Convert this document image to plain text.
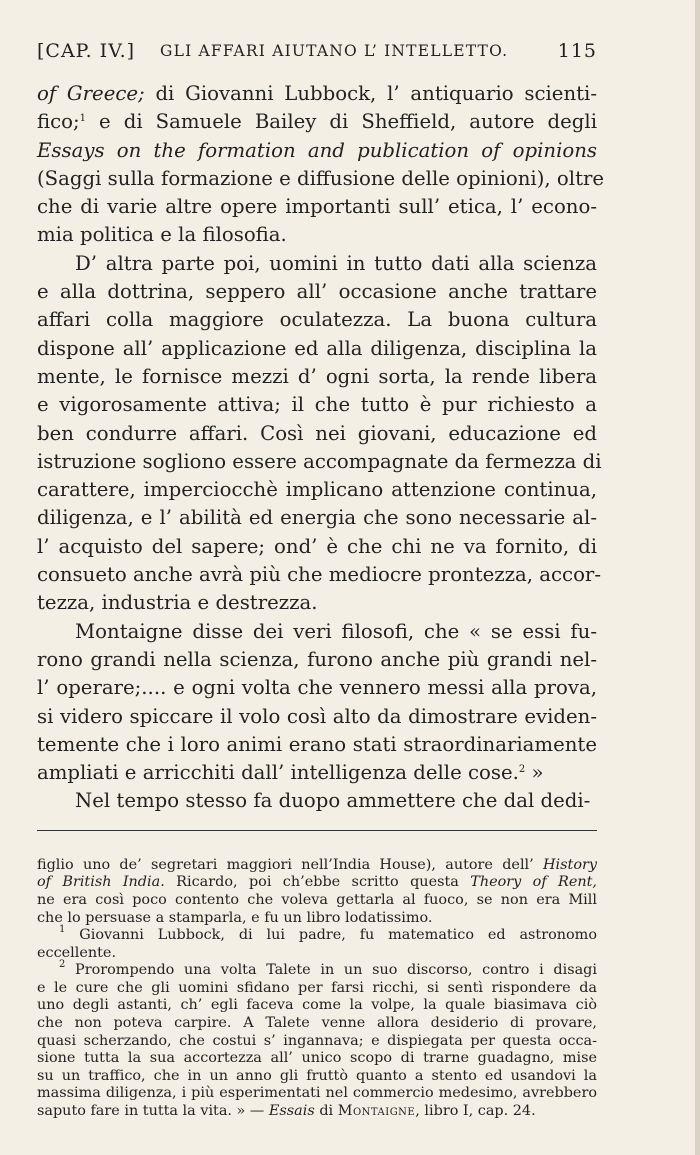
[CAP. IV.] GLI AFFARI AIUTANO L’ INTELLETTO.	115
of Greece; di Giovanni Lubbock, l’ antiquario scienti-
fico;$^1$ e di Samuele Bailey di Sheffield, autore degli
Essays on the formation and publication of opinions
(Saggi sulla formazione e diffusione delle opinioni), oltre
che di varie altre opere importanti sull’ etica, l’ econo-
mia politica e la filosofia.
D’ altra parte poi, uomini in tutto dati alla scienza
e alla dottrina, seppero all’ occasione anche trattare
affari colla maggiore oculatezza. La buona cultura
dispone all’ applicazione ed alla diligenza, disciplina la
mente, le fornisce mezzi d’ ogni sorta, la rende libera
e vigorosamente attiva; il che tutto è pur richiesto a
ben condurre affari. Così nei giovani, educazione ed
istruzione sogliono essere accompagnate da fermezza di
carattere, imperciocchè implicano attenzione continua,
diligenza, e l’ abilità ed energia che sono necessarie al-
l’ acquisto del sapere; ond’ è che chi ne va fornito, di
consueto anche avrà più che mediocre prontezza, accor-
tezza, industria e destrezza.
Montaigne disse dei veri filosofi, che « se essi fu-
rono grandi nella scienza, furono anche più grandi nel-
l’ operare;.... e ogni volta che vennero messi alla prova,
si videro spiccare il volo così alto da dimostrare eviden-
temente che i loro animi erano stati straordinariamente
ampliati e arricchiti dall’ intelligenza delle cose.$^2$ »
Nel tempo stesso fa duopo ammettere che dal dedi-
figlio uno de’ segretari maggiori nell’India House), autore dell’ History
of British India. Ricardo, poi ch’ebbe scritto questa Theory of Rent,
ne era così poco contento che voleva gettarla al fuoco, se non era Mill
che lo persuase a stamparla, e fu un libro lodatissimo.
$^1$ Giovanni Lubbock, di lui padre, fu matematico ed astronomo
eccellente.
$^2$ Prorompendo una volta Talete in un suo discorso, contro i disagi
e le cure che gli uomini sfidano per farsi ricchi, si sentì rispondere da
uno degli astanti, ch’ egli faceva come la volpe, la quale biasimava ciò
che non poteva carpire. A Talete venne allora desiderio di provare,
quasi scherzando, che costui s’ ingannava; e dispiegata per questa occa-
sione tutta la sua accortezza all’ unico scopo di trarne guadagno, mise
su un traffico, che in un anno gli fruttò quanto a stento ed usandovi la
massima diligenza, i più esperimentati nel commercio medesimo, avrebbero
saputo fare in tutta la vita. » — Essais di Montaigne, libro I, cap. 24.
